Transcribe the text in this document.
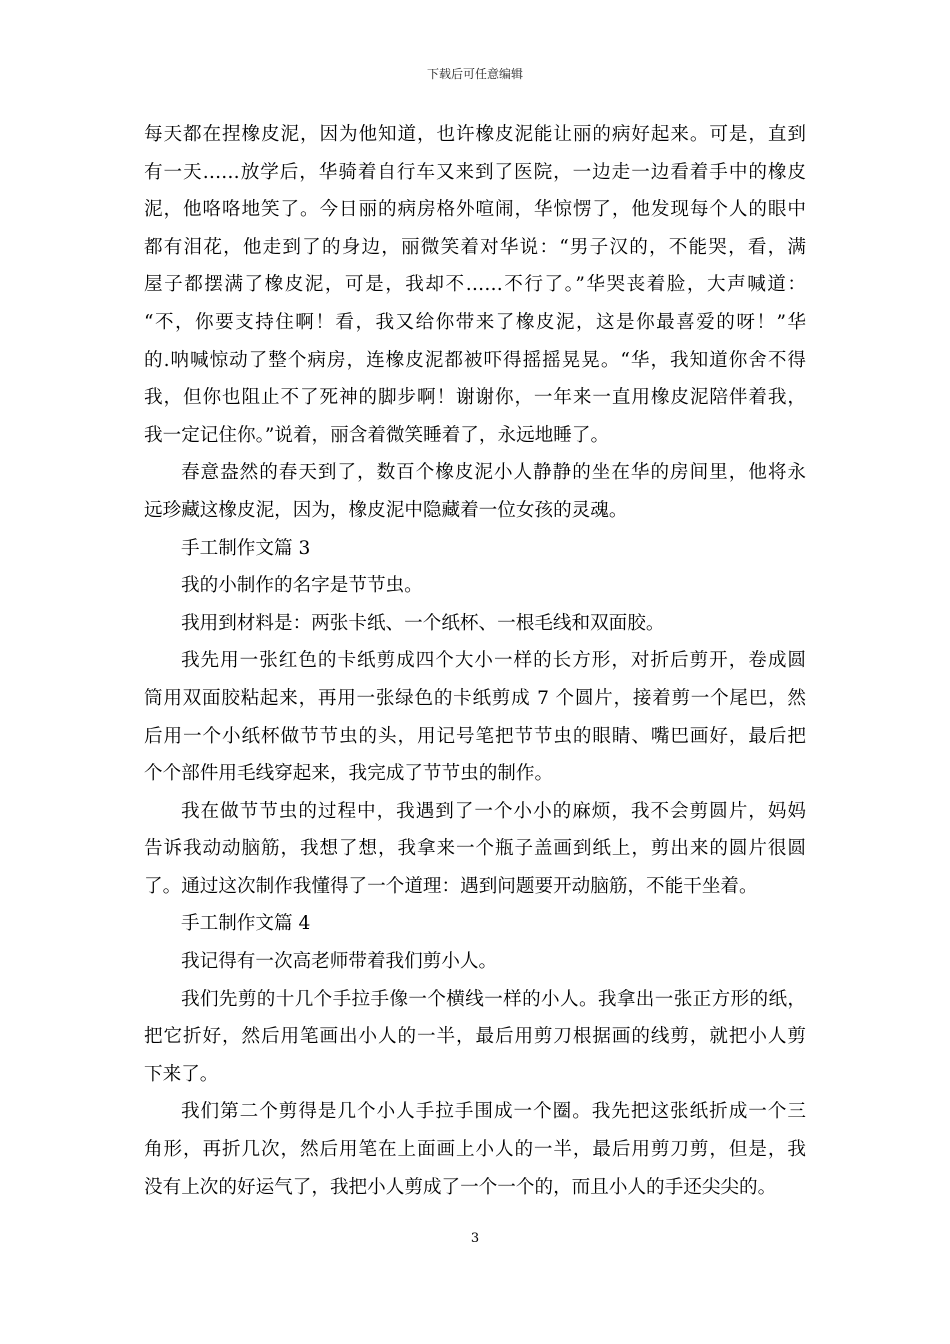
下载后可任意编辑
每天都在捏橡皮泥，因为他知道，也许橡皮泥能让丽的病好起来。可是，直到
有一天……放学后，华骑着自行车又来到了医院，一边走一边看着手中的橡皮
泥，他咯咯地笑了。今日丽的病房格外喧闹，华惊愣了，他发现每个人的眼中
都有泪花，他走到了的身边，丽微笑着对华说：“男子汉的，不能哭，看，满
屋子都摆满了橡皮泥，可是，我却不……不行了。”华哭丧着脸，大声喊道：
“不，你要支持住啊！看，我又给你带来了橡皮泥，这是你最喜爱的呀！”华
的.呐喊惊动了整个病房，连橡皮泥都被吓得摇摇晃晃。“华，我知道你舍不得
我，但你也阻止不了死神的脚步啊！谢谢你，一年来一直用橡皮泥陪伴着我，
我一定记住你。”说着，丽含着微笑睡着了，永远地睡了。
春意盎然的春天到了，数百个橡皮泥小人静静的坐在华的房间里，他将永
远珍藏这橡皮泥，因为，橡皮泥中隐藏着一位女孩的灵魂。
手工制作文篇 3
我的小制作的名字是节节虫。
我用到材料是：两张卡纸、一个纸杯、一根毛线和双面胶。
我先用一张红色的卡纸剪成四个大小一样的长方形，对折后剪开，卷成圆
筒用双面胶粘起来，再用一张绿色的卡纸剪成 7 个圆片，接着剪一个尾巴，然
后用一个小纸杯做节节虫的头，用记号笔把节节虫的眼睛、嘴巴画好，最后把
个个部件用毛线穿起来，我完成了节节虫的制作。
我在做节节虫的过程中，我遇到了一个小小的麻烦，我不会剪圆片，妈妈
告诉我动动脑筋，我想了想，我拿来一个瓶子盖画到纸上，剪出来的圆片很圆
了。通过这次制作我懂得了一个道理：遇到问题要开动脑筋，不能干坐着。
手工制作文篇 4
我记得有一次高老师带着我们剪小人。
我们先剪的十几个手拉手像一个横线一样的小人。我拿出一张正方形的纸，
把它折好，然后用笔画出小人的一半，最后用剪刀根据画的线剪，就把小人剪
下来了。
我们第二个剪得是几个小人手拉手围成一个圈。我先把这张纸折成一个三
角形，再折几次，然后用笔在上面画上小人的一半，最后用剪刀剪，但是，我
没有上次的好运气了，我把小人剪成了一个一个的，而且小人的手还尖尖的。
3
